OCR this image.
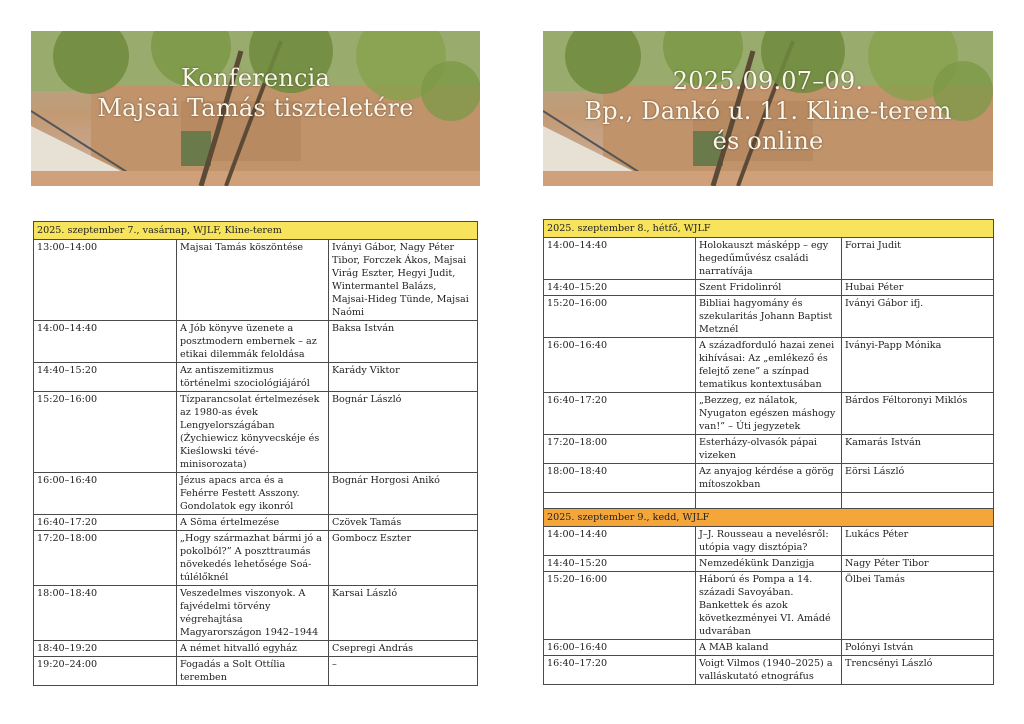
Konferencia
Majsai Tamás tiszteletére
2025. szeptember 7., vasárnap, WJLF, Kline-terem		
13:00–14:00	Majsai Tamás köszöntése	Iványi Gábor, Nagy Péter Tibor, Forczek Ákos, Majsai Virág Eszter, Hegyi Judit, Wintermantel Balázs, Majsai-Hideg Tünde, Majsai Naómi
14:00–14:40	A Jób könyve üzenete a posztmodern embernek – az etikai dilemmák feloldása	Baksa István
14:40–15:20	Az antiszemitizmus történelmi szociológiájáról	Karády Viktor
15:20–16:00	Tízparancsolat értelmezések az 1980-as évek Lengyelországában (Żychiewicz könyvecskéje és Kieślowski tévé-minisorozata)	Bognár László
16:00–16:40	Jézus apacs arca és a Fehérre Festett Asszony. Gondolatok egy ikonról	Bognár Horgosi Anikó
16:40–17:20	A Sōma értelmezése	Czövek Tamás
17:20–18:00	„Hogy származhat bármi jó a pokolból?” A poszttraumás növekedés lehetősége Soá-túlélőknél	Gombocz Eszter
18:00–18:40	Veszedelmes viszonyok. A fajvédelmi törvény végrehajtása Magyarországon 1942–1944	Karsai László
18:40–19:20	A német hitvalló egyház	Csepregi András
19:20–24:00	Fogadás a Solt Ottília teremben	–
2025.09.07–09.
Bp., Dankó u. 11. Kline-terem
és online
2025. szeptember 8., hétfő, WJLF		
14:00–14:40	Holokauszt másképp – egy hegedűművész családi narratívája	Forrai Judit
14:40–15:20	Szent Fridolinról	Hubai Péter
15:20–16:00	Bibliai hagyomány és szekularitás Johann Baptist Metznél	Iványi Gábor ifj.
16:00–16:40	A századforduló hazai zenei kihívásai: Az „emlékező és felejtő zene” a színpad tematikus kontextusában	Iványi-Papp Mónika
16:40–17:20	„Bezzeg, ez nálatok, Nyugaton egészen máshogy van!” – Úti jegyzetek	Bárdos Féltoronyi Miklós
17:20–18:00	Esterházy-olvasók pápai vizeken	Kamarás István
18:00–18:40	Az anyajog kérdése a görög mítoszokban	Eörsi László

2025. szeptember 9., kedd, WJLF		
14:00–14:40	J–J. Rousseau a nevelésről: utópia vagy disztópia?	Lukács Péter
14:40–15:20	Nemzedékünk Danzigja	Nagy Péter Tibor
15:20–16:00	Háború és Pompa a 14. századi Savoyában. Bankettek és azok következményei VI. Amádé udvarában	Ölbei Tamás
16:00–16:40	A MAB kaland	Polónyi István
16:40–17:20	Voigt Vilmos (1940–2025) a valláskutató etnográfus	Trencsényi László
